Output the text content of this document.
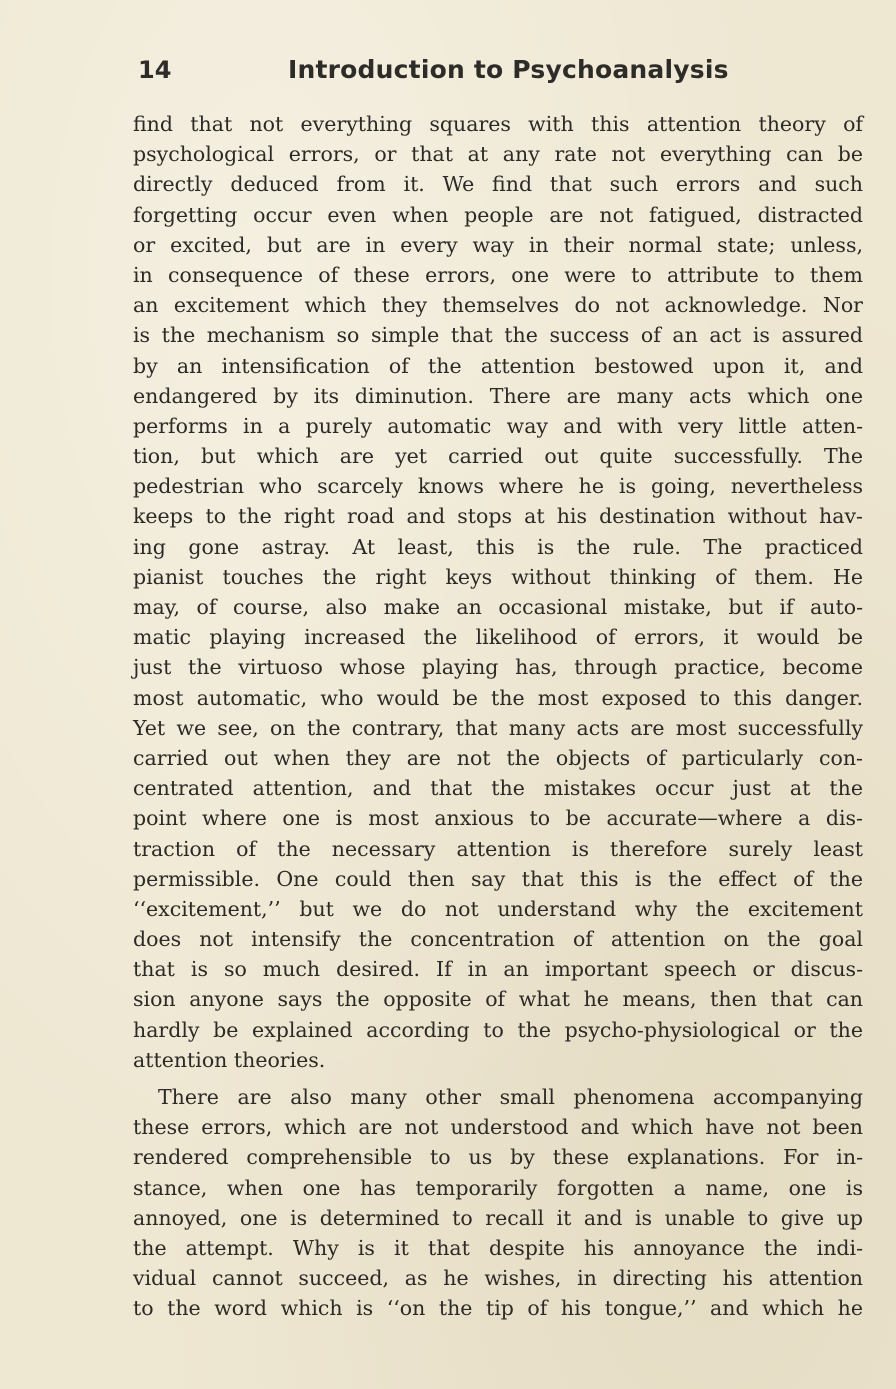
14	Introduction to Psychoanalysis

find that not everything squares with this attention theory of
psychological errors, or that at any rate not everything can be
directly deduced from it. We find that such errors and such
forgetting occur even when people are not fatigued, distracted
or excited, but are in every way in their normal state; unless,
in consequence of these errors, one were to attribute to them
an excitement which they themselves do not acknowledge. Nor
is the mechanism so simple that the success of an act is assured
by an intensification of the attention bestowed upon it, and
endangered by its diminution. There are many acts which one
performs in a purely automatic way and with very little atten-
tion, but which are yet carried out quite successfully. The
pedestrian who scarcely knows where he is going, nevertheless
keeps to the right road and stops at his destination without hav-
ing gone astray. At least, this is the rule. The practiced
pianist touches the right keys without thinking of them. He
may, of course, also make an occasional mistake, but if auto-
matic playing increased the likelihood of errors, it would be
just the virtuoso whose playing has, through practice, become
most automatic, who would be the most exposed to this danger.
Yet we see, on the contrary, that many acts are most successfully
carried out when they are not the objects of particularly con-
centrated attention, and that the mistakes occur just at the
point where one is most anxious to be accurate—where a dis-
traction of the necessary attention is therefore surely least
permissible. One could then say that this is the effect of the
‘‘excitement,’’ but we do not understand why the excitement
does not intensify the concentration of attention on the goal
that is so much desired. If in an important speech or discus-
sion anyone says the opposite of what he means, then that can
hardly be explained according to the psycho-physiological or the
attention theories.

There are also many other small phenomena accompanying
these errors, which are not understood and which have not been
rendered comprehensible to us by these explanations. For in-
stance, when one has temporarily forgotten a name, one is
annoyed, one is determined to recall it and is unable to give up
the attempt. Why is it that despite his annoyance the indi-
vidual cannot succeed, as he wishes, in directing his attention
to the word which is ‘‘on the tip of his tongue,’’ and which he
